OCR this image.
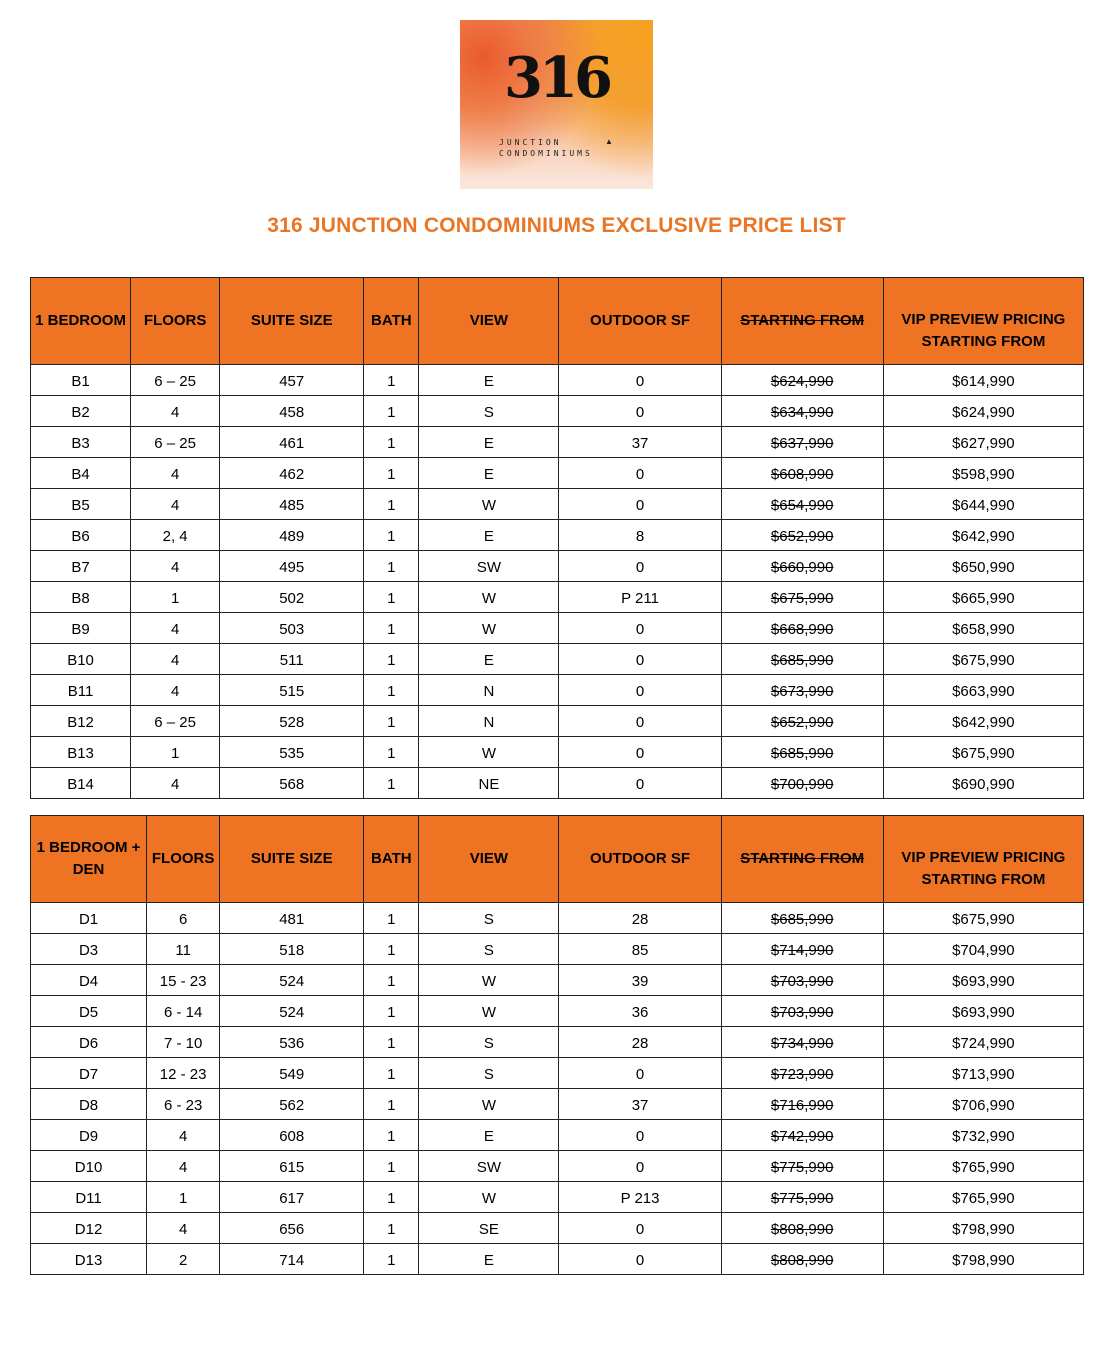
316
JUNCTION
CONDOMINIUMS
▲
316 JUNCTION CONDOMINIUMS EXCLUSIVE PRICE LIST
1 BEDROOM	FLOORS	SUITE SIZE	BATH	VIEW	OUTDOOR SF	STARTING FROM	VIP PREVIEW PRICING STARTING FROM
B1	6 – 25	457	1	E	0	$624,990	$614,990
B2	4	458	1	S	0	$634,990	$624,990
B3	6 – 25	461	1	E	37	$637,990	$627,990
B4	4	462	1	E	0	$608,990	$598,990
B5	4	485	1	W	0	$654,990	$644,990
B6	2, 4	489	1	E	8	$652,990	$642,990
B7	4	495	1	SW	0	$660,990	$650,990
B8	1	502	1	W	P 211	$675,990	$665,990
B9	4	503	1	W	0	$668,990	$658,990
B10	4	511	1	E	0	$685,990	$675,990
B11	4	515	1	N	0	$673,990	$663,990
B12	6 – 25	528	1	N	0	$652,990	$642,990
B13	1	535	1	W	0	$685,990	$675,990
B14	4	568	1	NE	0	$700,990	$690,990
1 BEDROOM + DEN	FLOORS	SUITE SIZE	BATH	VIEW	OUTDOOR SF	STARTING FROM	VIP PREVIEW PRICING STARTING FROM
D1	6	481	1	S	28	$685,990	$675,990
D3	11	518	1	S	85	$714,990	$704,990
D4	15 - 23	524	1	W	39	$703,990	$693,990
D5	6 - 14	524	1	W	36	$703,990	$693,990
D6	7 - 10	536	1	S	28	$734,990	$724,990
D7	12 - 23	549	1	S	0	$723,990	$713,990
D8	6 - 23	562	1	W	37	$716,990	$706,990
D9	4	608	1	E	0	$742,990	$732,990
D10	4	615	1	SW	0	$775,990	$765,990
D11	1	617	1	W	P 213	$775,990	$765,990
D12	4	656	1	SE	0	$808,990	$798,990
D13	2	714	1	E	0	$808,990	$798,990
